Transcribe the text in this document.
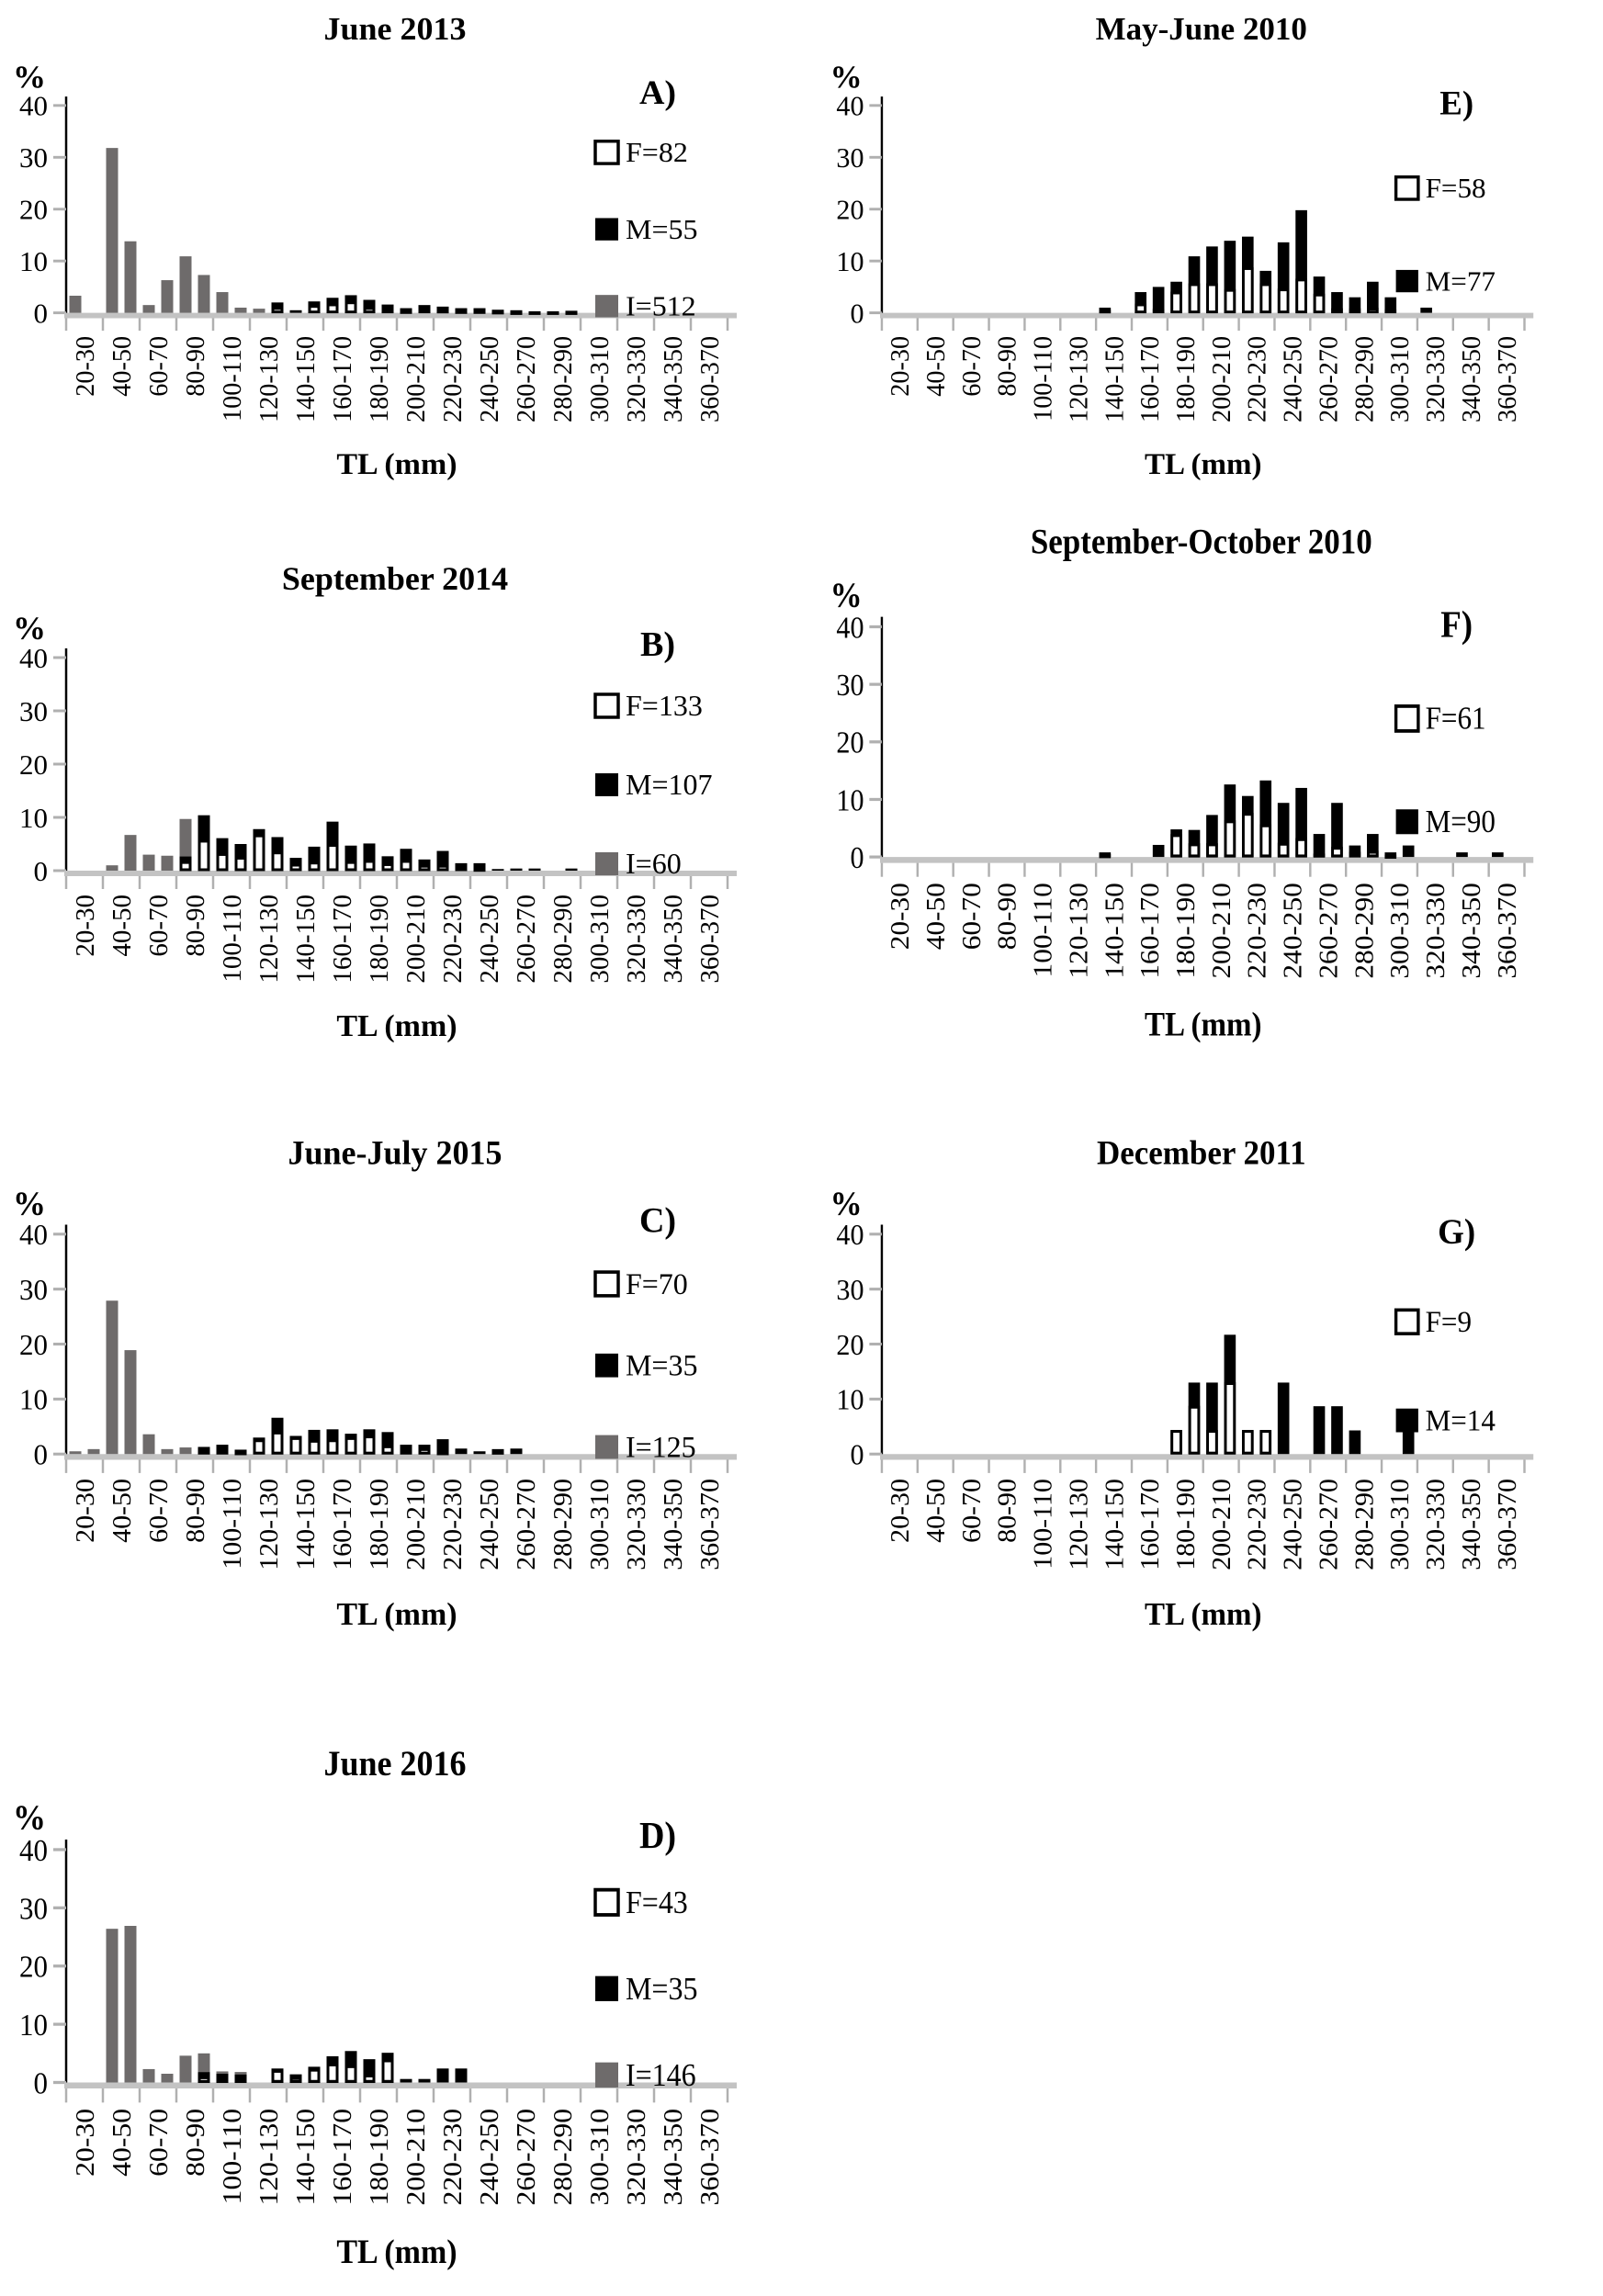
%
June 2013
A)
0
10
20
30
40
20-30 40-50 60-70 80-90 100-110 120-130 140-150 160-170 180-190 200-210 220-230 240-250 260-270 280-290 300-310 320-330 340-350 360-370
TL (mm)
F=82
M=55
I=512
%
May-June 2010
E)
0
10
20
30
40
20-30 40-50 60-70 80-90 100-110 120-130 140-150 160-170 180-190 200-210 220-230 240-250 260-270 280-290 300-310 320-330 340-350 360-370
TL (mm)
F=58
M=77
%
September 2014
B)
0
10
20
30
40
20-30 40-50 60-70 80-90 100-110 120-130 140-150 160-170 180-190 200-210 220-230 240-250 260-270 280-290 300-310 320-330 340-350 360-370
TL (mm)
F=133
M=107
I=60
%
September-October 2010
F)
0
10
20
30
40
20-30 40-50 60-70 80-90 100-110 120-130 140-150 160-170 180-190 200-210 220-230 240-250 260-270 280-290 300-310 320-330 340-350 360-370
TL (mm)
F=61
M=90
%
June-July 2015
C)
0
10
20
30
40
20-30 40-50 60-70 80-90 100-110 120-130 140-150 160-170 180-190 200-210 220-230 240-250 260-270 280-290 300-310 320-330 340-350 360-370
TL (mm)
F=70
M=35
I=125
%
December 2011
G)
0
10
20
30
40
20-30 40-50 60-70 80-90 100-110 120-130 140-150 160-170 180-190 200-210 220-230 240-250 260-270 280-290 300-310 320-330 340-350 360-370
TL (mm)
F=9
M=14
%
June 2016
D)
0
10
20
30
40
20-30 40-50 60-70 80-90 100-110 120-130 140-150 160-170 180-190 200-210 220-230 240-250 260-270 280-290 300-310 320-330 340-350 360-370
TL (mm)
F=43
M=35
I=146
